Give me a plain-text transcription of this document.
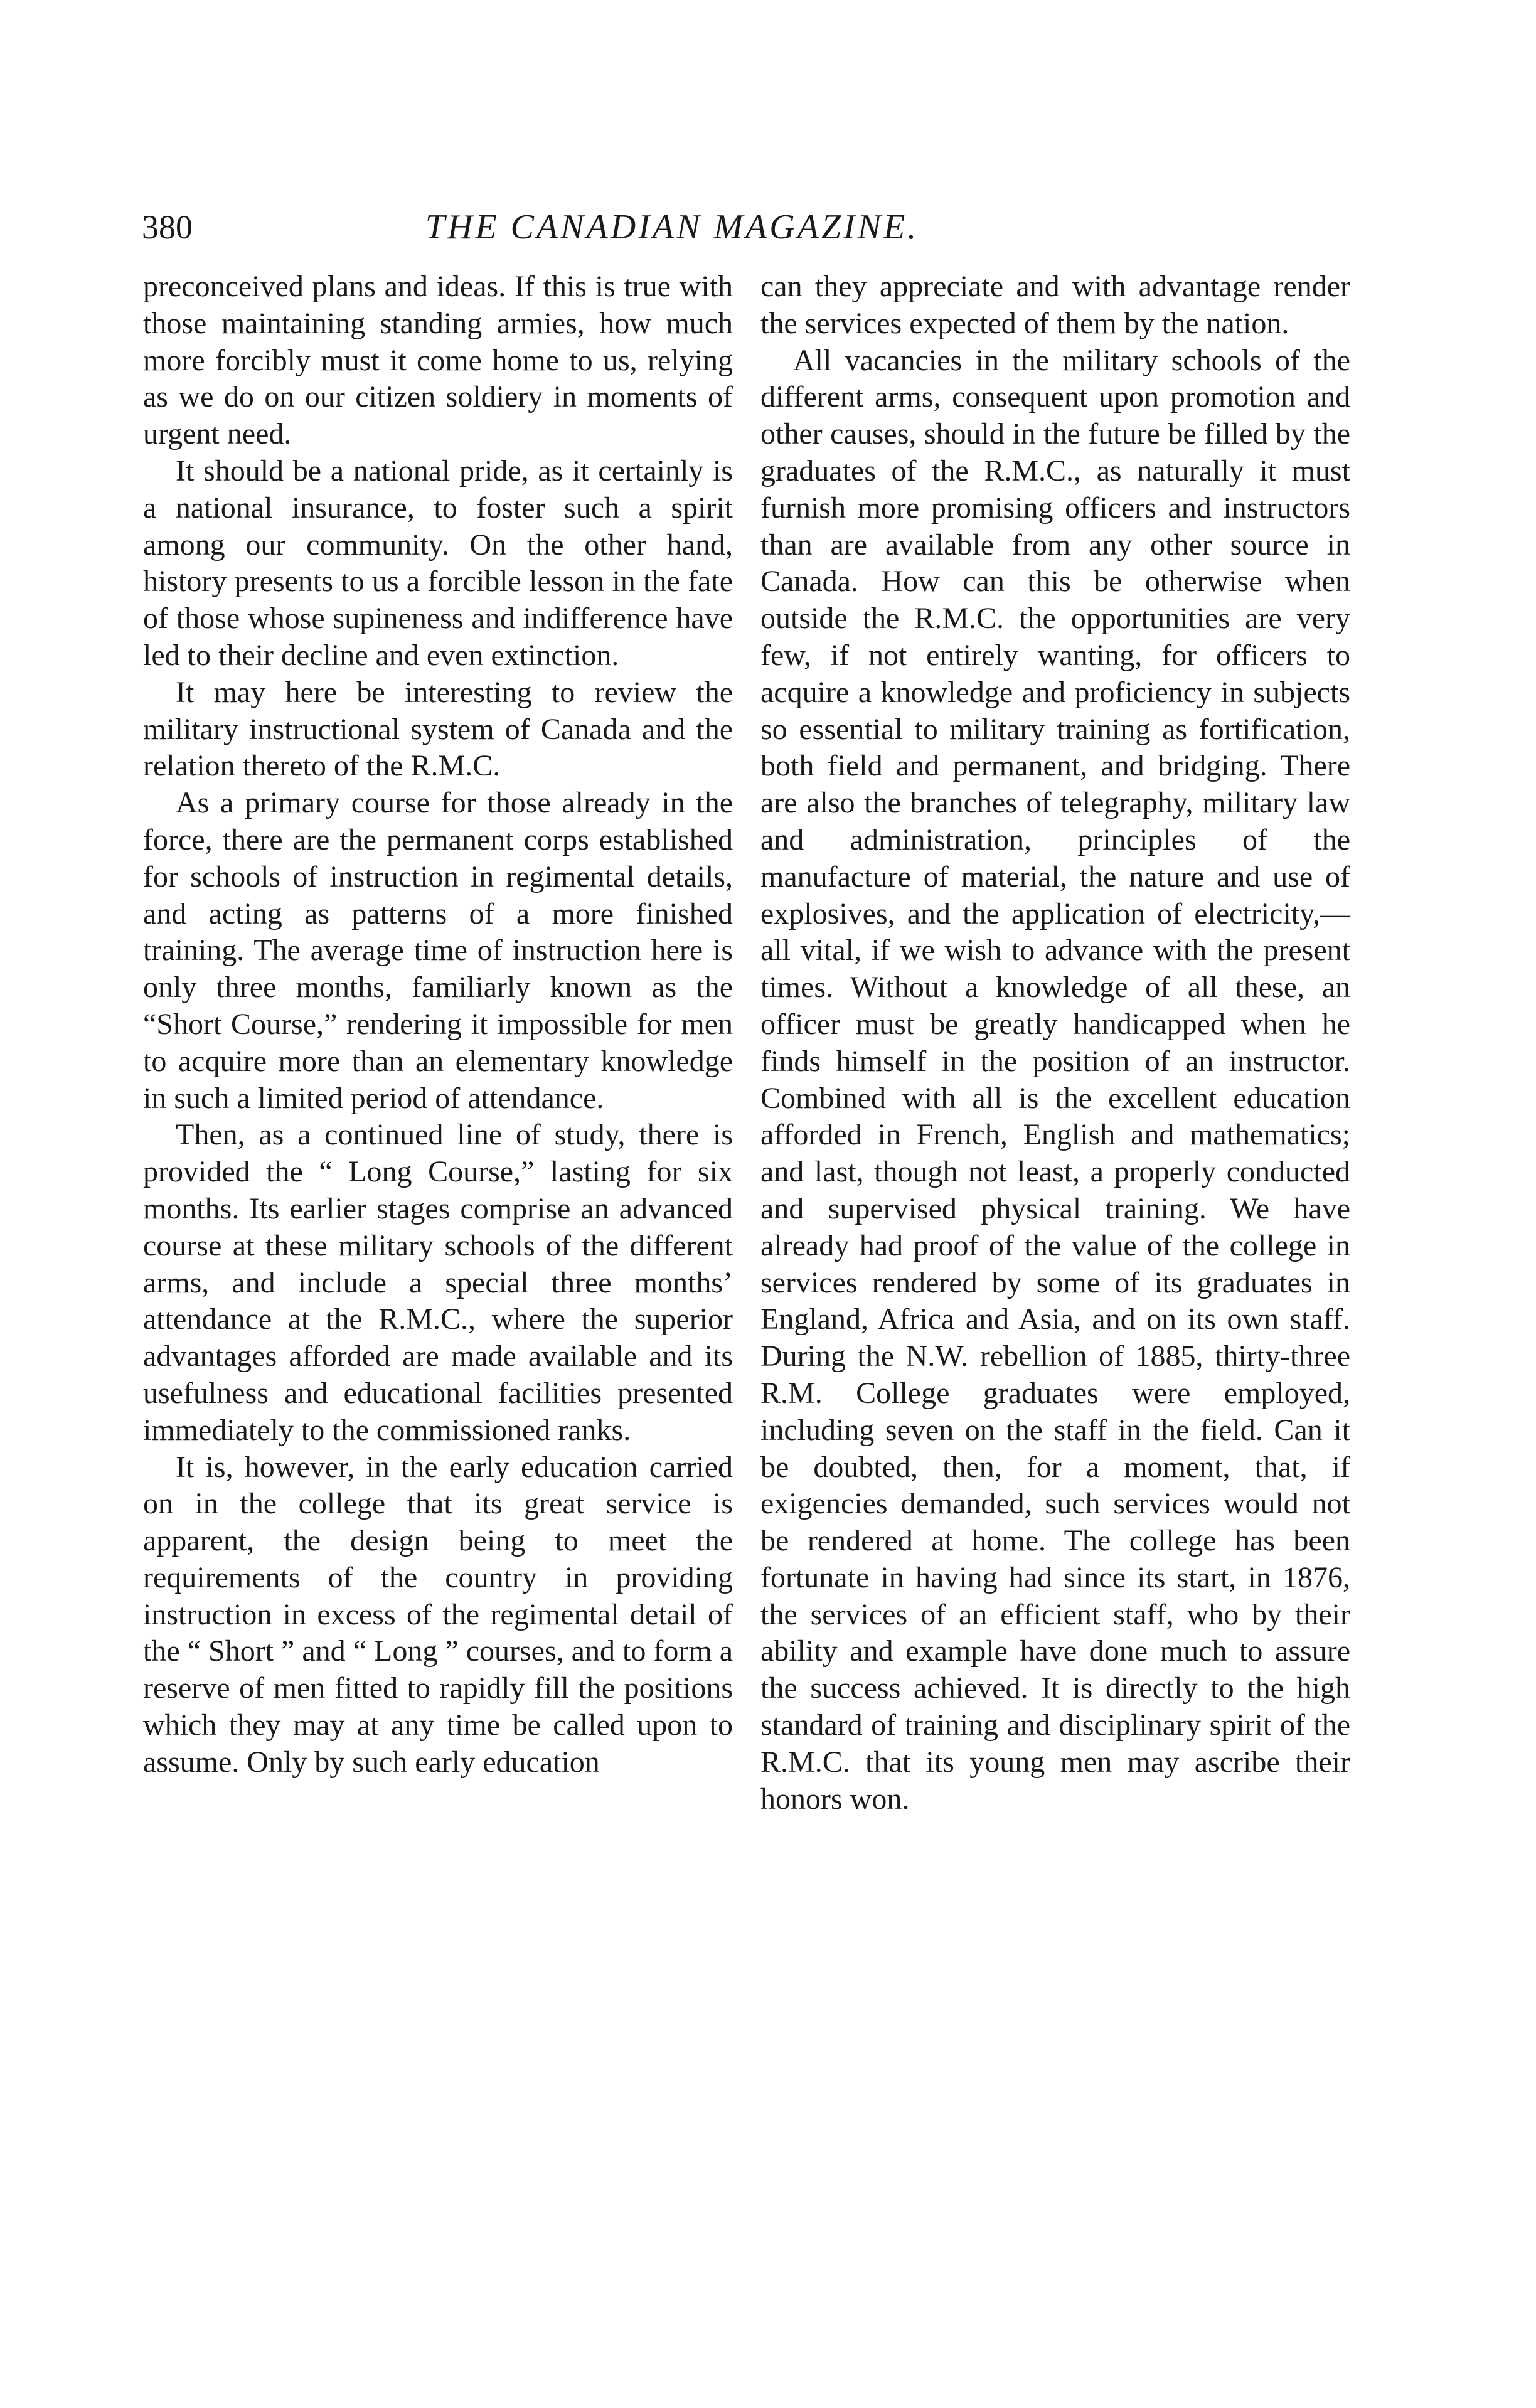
380	THE CANADIAN MAGAZINE.

preconceived plans and ideas. If this is true with those maintaining standing armies, how much more forcibly must it come home to us, relying as we do on our citizen soldiery in moments of urgent need.

It should be a national pride, as it certainly is a national insurance, to foster such a spirit among our community. On the other hand, history presents to us a forcible lesson in the fate of those whose supineness and indifference have led to their decline and even extinction.

It may here be interesting to review the military instructional system of Canada and the relation thereto of the R.M.C.

As a primary course for those already in the force, there are the permanent corps established for schools of instruction in regimental details, and acting as patterns of a more finished training. The average time of instruction here is only three months, familiarly known as the “Short Course,” rendering it impossible for men to acquire more than an elementary knowledge in such a limited period of attendance.

Then, as a continued line of study, there is provided the “ Long Course,” lasting for six months. Its earlier stages comprise an advanced course at these military schools of the different arms, and include a special three months’ attendance at the R.M.C., where the superior advantages afforded are made available and its usefulness and educational facilities presented immediately to the commissioned ranks.

It is, however, in the early education carried on in the college that its great service is apparent, the design being to meet the requirements of the country in providing instruction in excess of the regimental detail of the “ Short ” and “ Long ” courses, and to form a reserve of men fitted to rapidly fill the positions which they may at any time be called upon to assume. Only by such early education

can they appreciate and with advantage render the services expected of them by the nation.

All vacancies in the military schools of the different arms, consequent upon promotion and other causes, should in the future be filled by the graduates of the R.M.C., as naturally it must furnish more promising officers and instructors than are available from any other source in Canada. How can this be otherwise when outside the R.M.C. the opportunities are very few, if not entirely wanting, for officers to acquire a knowledge and proficiency in subjects so essential to military training as fortification, both field and permanent, and bridging. There are also the branches of telegraphy, military law and administration, principles of the manufacture of material, the nature and use of explosives, and the application of electricity,—all vital, if we wish to advance with the present times. Without a knowledge of all these, an officer must be greatly handicapped when he finds himself in the position of an instructor. Combined with all is the excellent education afforded in French, English and mathematics; and last, though not least, a properly conducted and supervised physical training. We have already had proof of the value of the college in services rendered by some of its graduates in England, Africa and Asia, and on its own staff. During the N.W. rebellion of 1885, thirty-three R.M. College graduates were employed, including seven on the staff in the field. Can it be doubted, then, for a moment, that, if exigencies demanded, such services would not be rendered at home. The college has been fortunate in having had since its start, in 1876, the services of an efficient staff, who by their ability and example have done much to assure the success achieved. It is directly to the high standard of training and disciplinary spirit of the R.M.C. that its young men may ascribe their honors won.
